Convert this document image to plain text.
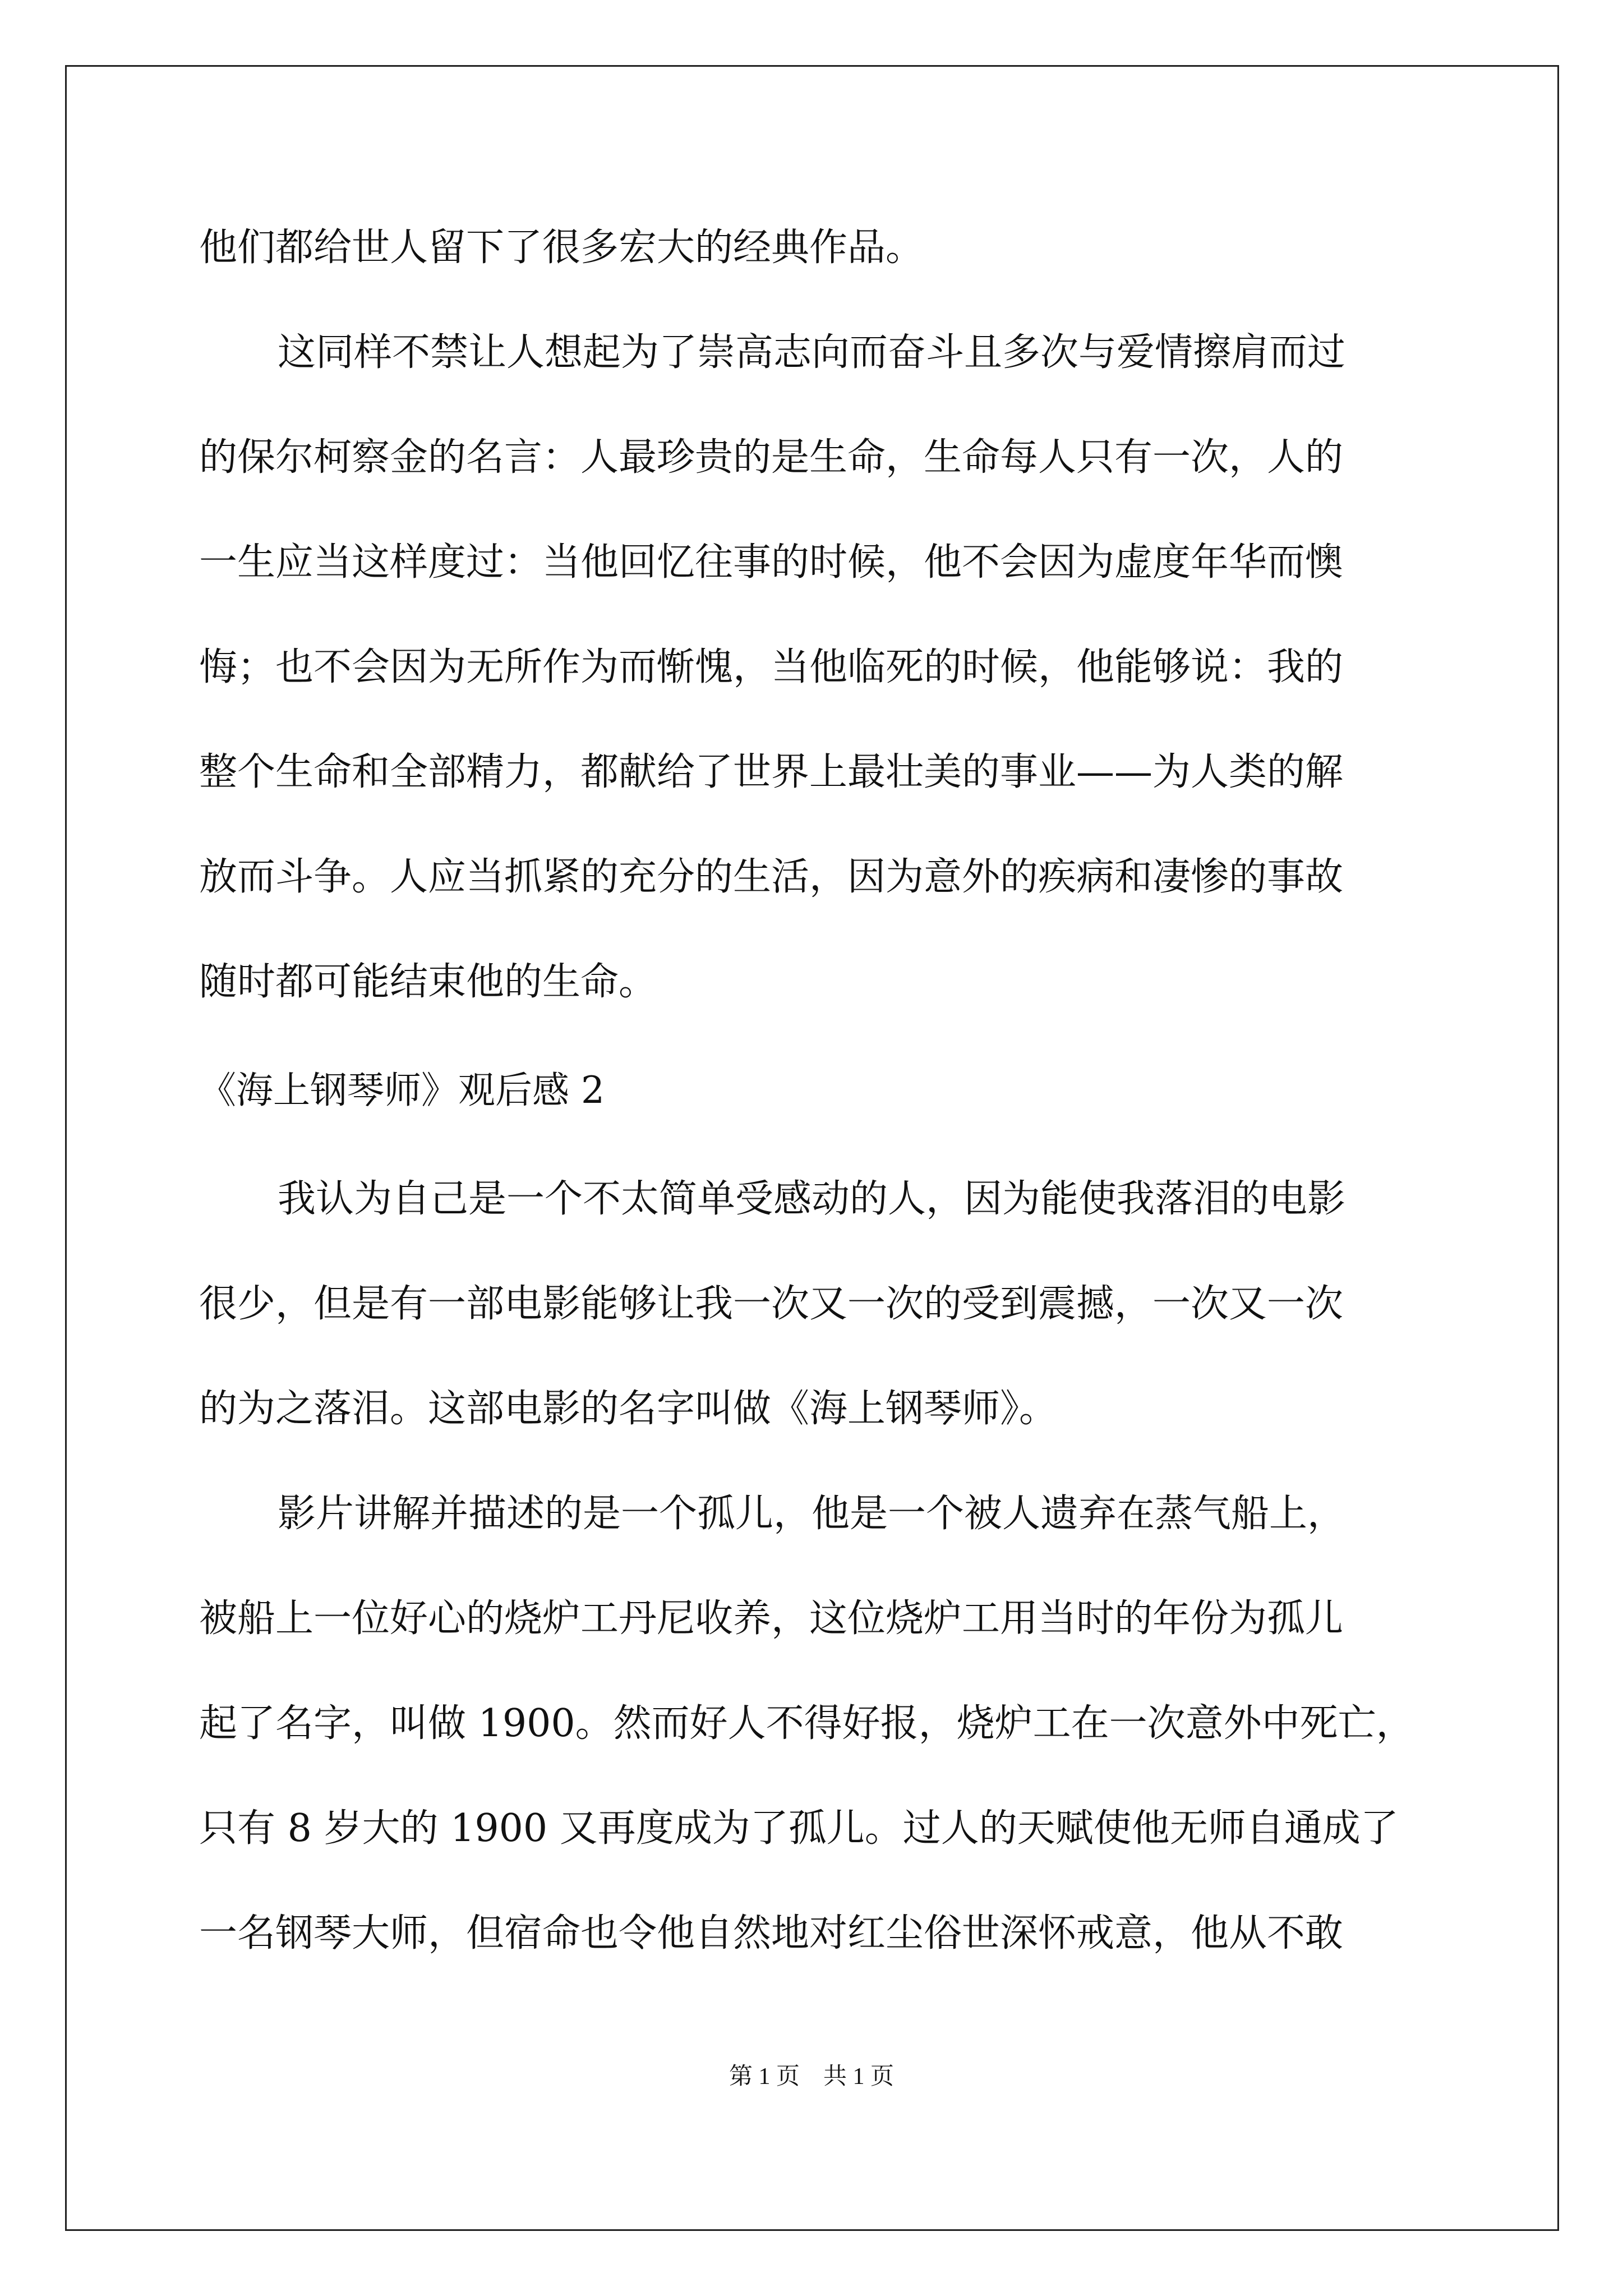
他们都给世人留下了很多宏大的经典作品。
这同样不禁让人想起为了崇高志向而奋斗且多次与爱情擦肩而过
的保尔柯察金的名言：人最珍贵的是生命，生命每人只有一次，人的
一生应当这样度过：当他回忆往事的时候，他不会因为虚度年华而懊
悔；也不会因为无所作为而惭愧，当他临死的时候，他能够说：我的
整个生命和全部精力，都献给了世界上最壮美的事业——为人类的解
放而斗争。人应当抓紧的充分的生活，因为意外的疾病和凄惨的事故
随时都可能结束他的生命。
《海上钢琴师》观后感 2
我认为自己是一个不太简单受感动的人，因为能使我落泪的电影
很少，但是有一部电影能够让我一次又一次的受到震撼，一次又一次
的为之落泪。这部电影的名字叫做《海上钢琴师》。
影片讲解并描述的是一个孤儿，他是一个被人遗弃在蒸气船上，
被船上一位好心的烧炉工丹尼收养，这位烧炉工用当时的年份为孤儿
起了名字，叫做 1900。然而好人不得好报，烧炉工在一次意外中死亡，
只有 8 岁大的 1900 又再度成为了孤儿。过人的天赋使他无师自通成了
一名钢琴大师，但宿命也令他自然地对红尘俗世深怀戒意，他从不敢
第 1 页    共 1 页
